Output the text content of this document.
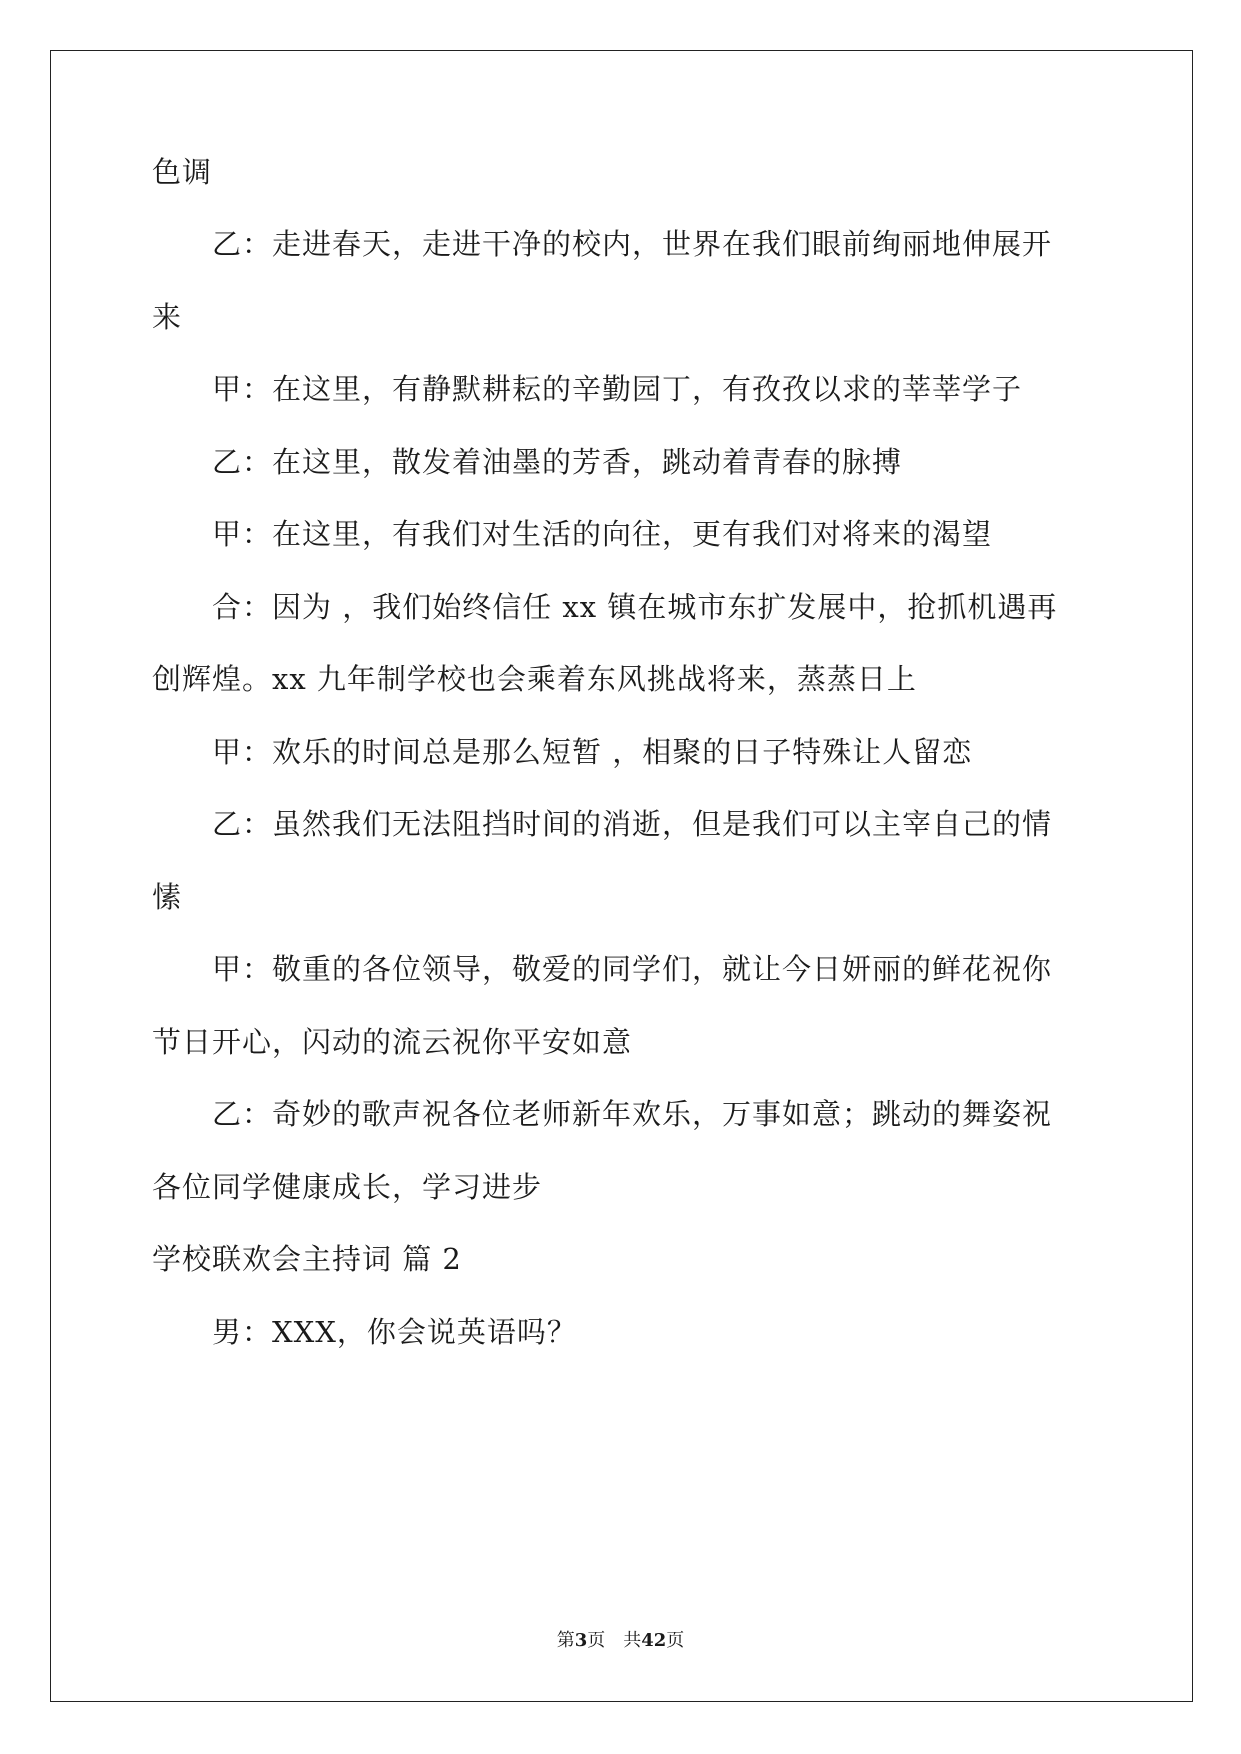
色调
乙：走进春天，走进干净的校内，世界在我们眼前绚丽地伸展开
来
甲：在这里，有静默耕耘的辛勤园丁，有孜孜以求的莘莘学子
乙：在这里，散发着油墨的芳香，跳动着青春的脉搏
甲：在这里，有我们对生活的向往，更有我们对将来的渴望
合：因为 ，我们始终信任 xx 镇在城市东扩发展中，抢抓机遇再
创辉煌。xx 九年制学校也会乘着东风挑战将来，蒸蒸日上
甲：欢乐的时间总是那么短暂 ，相聚的日子特殊让人留恋
乙：虽然我们无法阻挡时间的消逝，但是我们可以主宰自己的情
愫
甲：敬重的各位领导，敬爱的同学们，就让今日妍丽的鲜花祝你
节日开心，闪动的流云祝你平安如意
乙：奇妙的歌声祝各位老师新年欢乐，万事如意；跳动的舞姿祝
各位同学健康成长，学习进步
学校联欢会主持词 篇 2
男：XXX，你会说英语吗？
第3页　共42页
